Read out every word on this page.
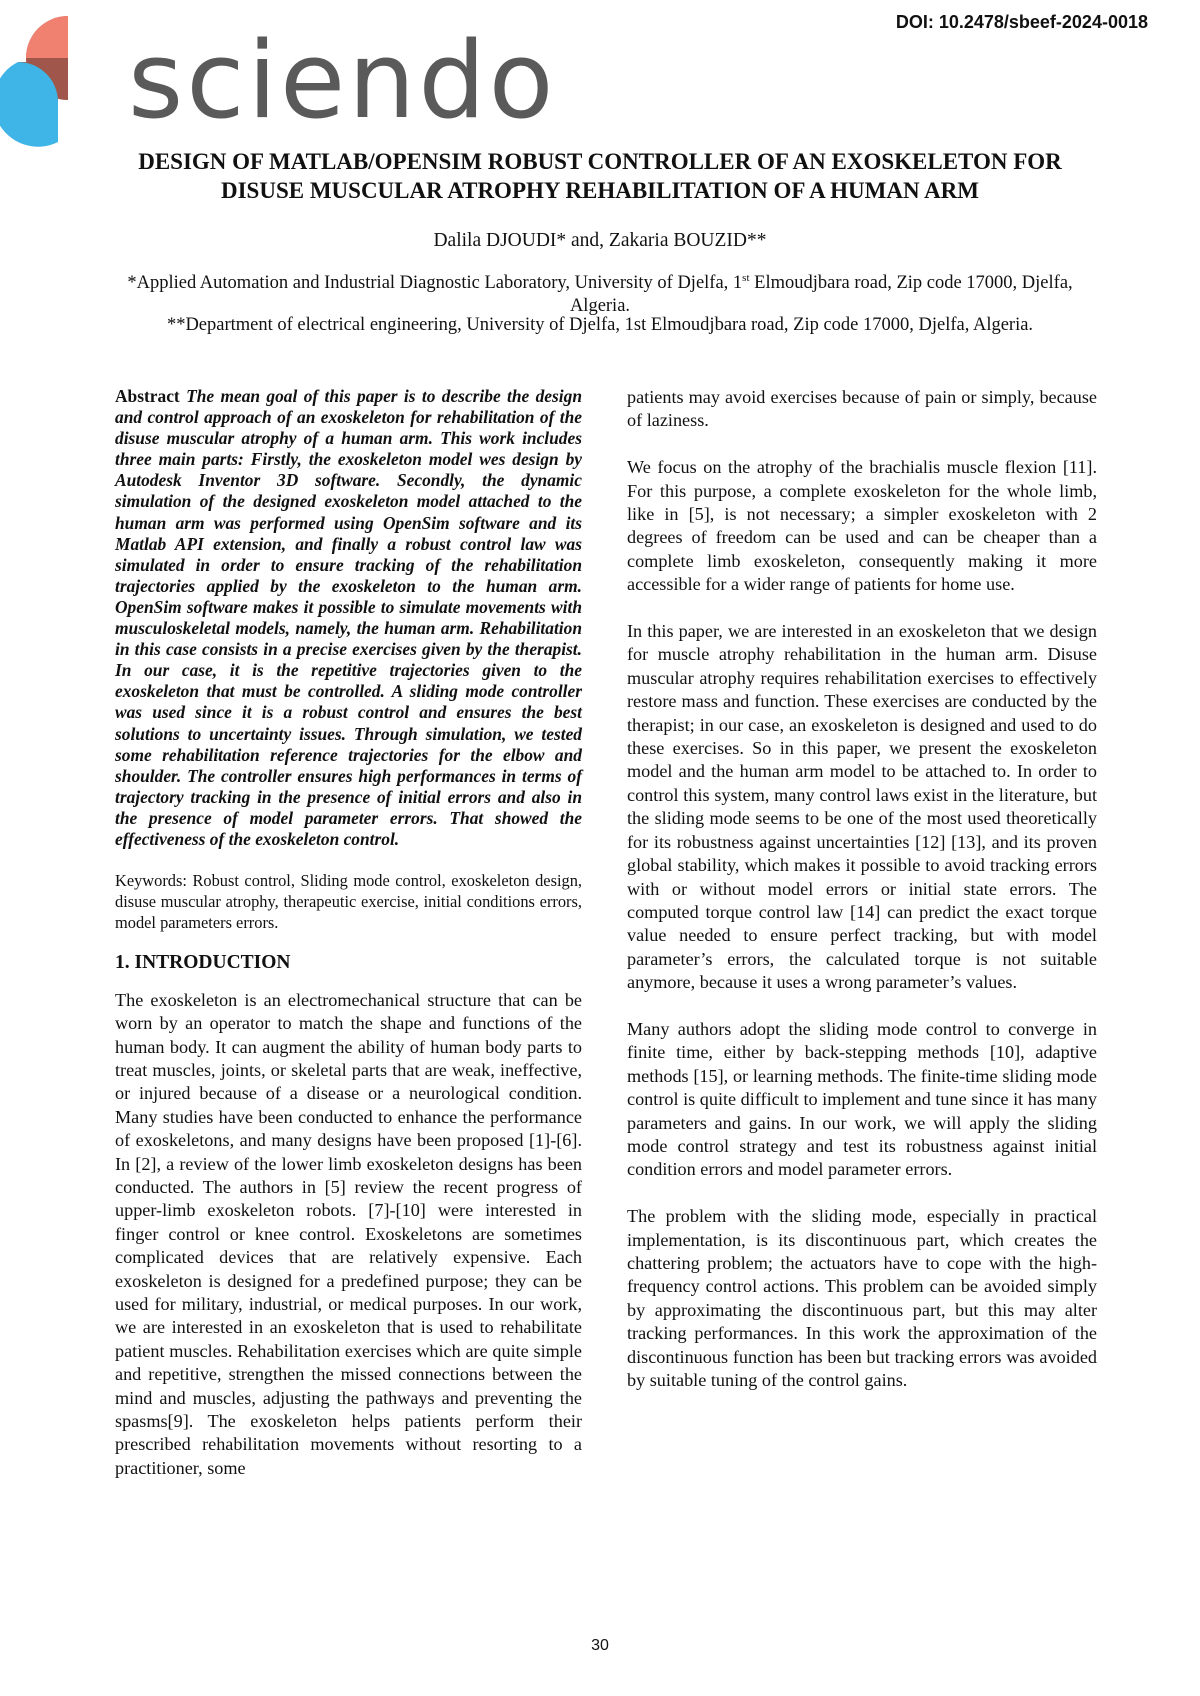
sciendo	DOI: 10.2478/sbeef-2024-0018
DESIGN OF MATLAB/OPENSIM ROBUST CONTROLLER OF AN EXOSKELETON FOR
DISUSE MUSCULAR ATROPHY REHABILITATION OF A HUMAN ARM
Dalila DJOUDI* and, Zakaria BOUZID**
*Applied Automation and Industrial Diagnostic Laboratory, University of Djelfa, 1st Elmoudjbara road, Zip code 17000, Djelfa, Algeria.
**Department of electrical engineering, University of Djelfa, 1st Elmoudjbara road, Zip code 17000, Djelfa, Algeria.

Abstract The mean goal of this paper is to describe the design and control approach of an exoskeleton for rehabilitation of the disuse muscular atrophy of a human arm. This work includes three main parts: Firstly, the exoskeleton model wes design by Autodesk Inventor 3D software. Secondly, the dynamic simulation of the designed exoskeleton model attached to the human arm was performed using OpenSim software and its Matlab API extension, and finally a robust control law was simulated in order to ensure tracking of the rehabilitation trajectories applied by the exoskeleton to the human arm. OpenSim software makes it possible to simulate movements with musculoskeletal models, namely, the human arm. Rehabilitation in this case consists in a precise exercises given by the therapist. In our case, it is the repetitive trajectories given to the exoskeleton that must be controlled. A sliding mode controller was used since it is a robust control and ensures the best solutions to uncertainty issues. Through simulation, we tested some rehabilitation reference trajectories for the elbow and shoulder. The controller ensures high performances in terms of trajectory tracking in the presence of initial errors and also in the presence of model parameter errors. That showed the effectiveness of the exoskeleton control.

Keywords: Robust control, Sliding mode control, exoskeleton design, disuse muscular atrophy, therapeutic exercise, initial conditions errors, model parameters errors.

1. INTRODUCTION

The exoskeleton is an electromechanical structure that can be worn by an operator to match the shape and functions of the human body. It can augment the ability of human body parts to treat muscles, joints, or skeletal parts that are weak, ineffective, or injured because of a disease or a neurological condition. Many studies have been conducted to enhance the performance of exoskeletons, and many designs have been proposed [1]-[6]. In [2], a review of the lower limb exoskeleton designs has been conducted. The authors in [5] review the recent progress of upper-limb exoskeleton robots. [7]-[10] were interested in finger control or knee control. Exoskeletons are sometimes complicated devices that are relatively expensive. Each exoskeleton is designed for a predefined purpose; they can be used for military, industrial, or medical purposes. In our work, we are interested in an exoskeleton that is used to rehabilitate patient muscles. Rehabilitation exercises which are quite simple and repetitive, strengthen the missed connections between the mind and muscles, adjusting the pathways and preventing the spasms[9]. The exoskeleton helps patients perform their prescribed rehabilitation movements without resorting to a practitioner, some

patients may avoid exercises because of pain or simply, because of laziness.

We focus on the atrophy of the brachialis muscle flexion [11]. For this purpose, a complete exoskeleton for the whole limb, like in [5], is not necessary; a simpler exoskeleton with 2 degrees of freedom can be used and can be cheaper than a complete limb exoskeleton, consequently making it more accessible for a wider range of patients for home use.

In this paper, we are interested in an exoskeleton that we design for muscle atrophy rehabilitation in the human arm. Disuse muscular atrophy requires rehabilitation exercises to effectively restore mass and function. These exercises are conducted by the therapist; in our case, an exoskeleton is designed and used to do these exercises. So in this paper, we present the exoskeleton model and the human arm model to be attached to. In order to control this system, many control laws exist in the literature, but the sliding mode seems to be one of the most used theoretically for its robustness against uncertainties [12] [13], and its proven global stability, which makes it possible to avoid tracking errors with or without model errors or initial state errors. The computed torque control law [14] can predict the exact torque value needed to ensure perfect tracking, but with model parameter’s errors, the calculated torque is not suitable anymore, because it uses a wrong parameter’s values.

Many authors adopt the sliding mode control to converge in finite time, either by back-stepping methods [10], adaptive methods [15], or learning methods. The finite-time sliding mode control is quite difficult to implement and tune since it has many parameters and gains. In our work, we will apply the sliding mode control strategy and test its robustness against initial condition errors and model parameter errors.

The problem with the sliding mode, especially in practical implementation, is its discontinuous part, which creates the chattering problem; the actuators have to cope with the high-frequency control actions. This problem can be avoided simply by approximating the discontinuous part, but this may alter tracking performances. In this work the approximation of the discontinuous function has been but tracking errors was avoided by suitable tuning of the control gains.

30
